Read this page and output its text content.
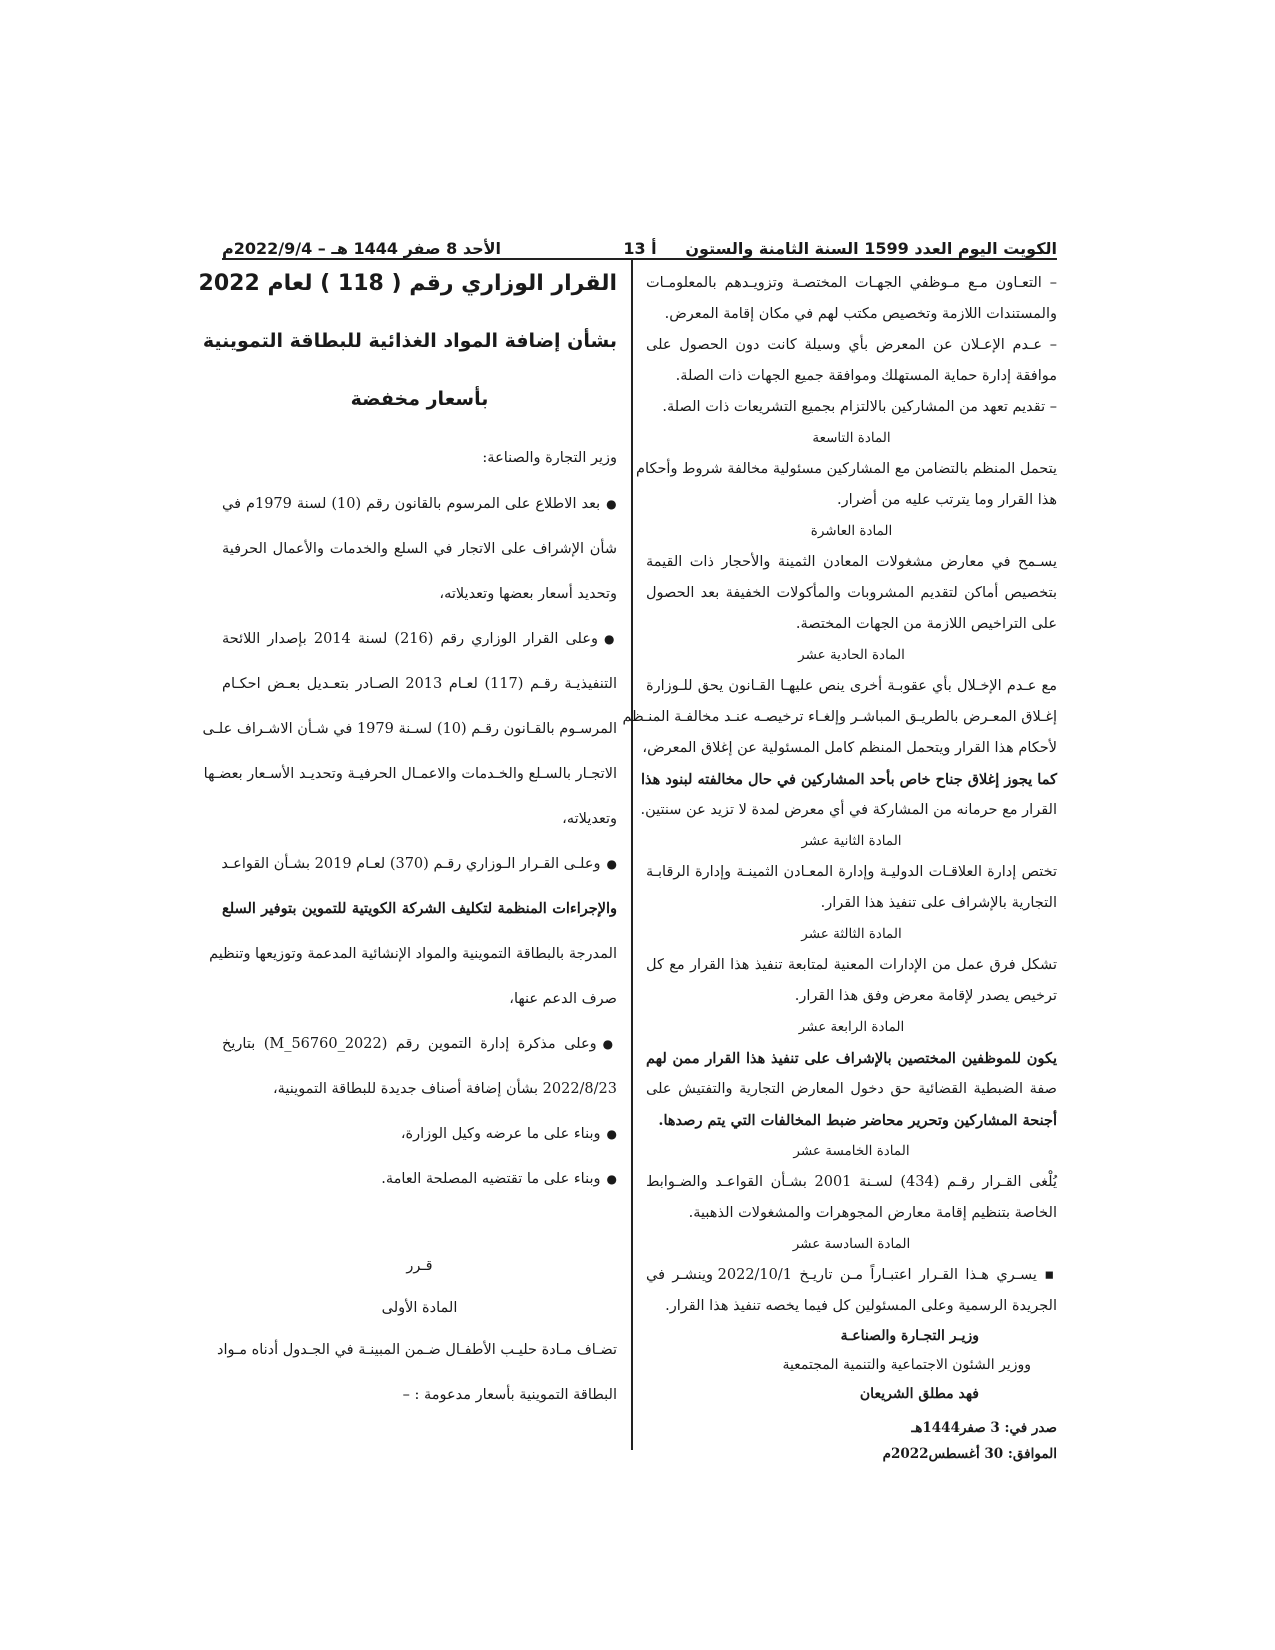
الكويت اليوم العدد 1599 السنة الثامنة والستون
أ 13
الأحد 8 صفر 1444 هـ – 2022/9/4م
– التعـاون مـع مـوظفي الجهـات المختصـة وتزويـدهم بالمعلومـات
والمستندات اللازمة وتخصيص مكتب لهم في مكان إقامة المعرض.
– عـدم الإعـلان عن المعرض بأي وسيلة كانت دون الحصول على
موافقة إدارة حماية المستهلك وموافقة جميع الجهات ذات الصلة.
– تقديم تعهد من المشاركين بالالتزام بجميع التشريعات ذات الصلة.
المادة التاسعة
يتحمل المنظم بالتضامن مع المشاركين مسئولية مخالفة شروط وأحكام
هذا القرار وما يترتب عليه من أضرار.
المادة العاشرة
يسـمح في معارض مشغولات المعادن الثمينة والأحجار ذات القيمة
بتخصيص أماكن لتقديم المشروبات والمأكولات الخفيفة بعد الحصول
على التراخيص اللازمة من الجهات المختصة.
المادة الحادية عشر
مع عـدم الإخـلال بأي عقوبـة أخرى ينص عليهـا القـانون يحق للـوزارة
إغـلاق المعـرض بالطريـق المباشـر وإلغـاء ترخيصـه عنـد مخالفـة المنـظم
لأحكام هذا القرار ويتحمل المنظم كامل المسئولية عن إغلاق المعرض،
كما يجوز إغلاق جناح خاص بأحد المشاركين في حال مخالفته لبنود هذا
القرار مع حرمانه من المشاركة في أي معرض لمدة لا تزيد عن سنتين.
المادة الثانية عشر
تختص إدارة العلاقـات الدوليـة وإدارة المعـادن الثمينـة وإدارة الرقابـة
التجارية بالإشراف على تنفيذ هذا القرار.
المادة الثالثة عشر
تشكل فرق عمل من الإدارات المعنية لمتابعة تنفيذ هذا القرار مع كل
ترخيص يصدر لإقامة معرض وفق هذا القرار.
المادة الرابعة عشر
يكون للموظفين المختصين بالإشراف على تنفيذ هذا القرار ممن لهم
صفة الضبطية القضائية حق دخول المعارض التجارية والتفتيش على
أجنحة المشاركين وتحرير محاضر ضبط المخالفات التي يتم رصدها.
المادة الخامسة عشر
يُلْغى القـرار رقـم (434) لسـنة 2001 بشـأن القواعـد والضـوابط
الخاصة بتنظيم إقامة معارض المجوهرات والمشغولات الذهبية.
المادة السادسة عشر
▪ يسـري هـذا القـرار اعتبـاراً مـن تاريـخ 2022/10/1 وينشـر في
الجريدة الرسمية وعلى المسئولين كل فيما يخصه تنفيذ هذا القرار.
وزيـر التجـارة والصناعـة
ووزير الشئون الاجتماعية والتنمية المجتمعية
فهد مطلق الشريعان
صدر في: 3 صفر1444هـ
الموافق: 30 أغسطس2022م
القرار الوزاري رقم ( 118 ) لعام 2022
بشأن إضافة المواد الغذائية للبطاقة التموينية
بأسعار مخفضة
وزير التجارة والصناعة:
●بعد الاطلاع على المرسوم بالقانون رقم (10) لسنة 1979م في
شأن الإشراف على الاتجار في السلع والخدمات والأعمال الحرفية
وتحديد أسعار بعضها وتعديلاته،
●وعلى القرار الوزاري رقم (216) لسنة 2014 بإصدار اللائحة
التنفيذيـة رقـم (117) لعـام 2013 الصـادر بتعـديل بعـض احكـام
المرسـوم بالقـانون رقـم (10) لسـنة 1979 في شـأن الاشـراف علـى
الاتجـار بالسـلع والخـدمات والاعمـال الحرفيـة وتحديـد الأسـعار بعضـها
وتعديلاته،
●وعلـى القـرار الـوزاري رقـم (370) لعـام 2019 بشـأن القواعـد
والإجراءات المنظمة لتكليف الشركة الكويتية للتموين بتوفير السلع
المدرجة بالبطاقة التموينية والمواد الإنشائية المدعمة وتوزيعها وتنظيم
صرف الدعم عنها،
●وعلى مذكرة إدارة التموين رقم (M_56760_2022) بتاريخ
2022/8/23 بشأن إضافة أصناف جديدة للبطاقة التموينية،
●وبناء على ما عرضه وكيل الوزارة،
●وبناء على ما تقتضيه المصلحة العامة.
قـرر
المادة الأولى
تضـاف مـادة حليـب الأطفـال ضـمن المبينـة في الجـدول أدناه مـواد
البطاقة التموينية بأسعار مدعومة : –
